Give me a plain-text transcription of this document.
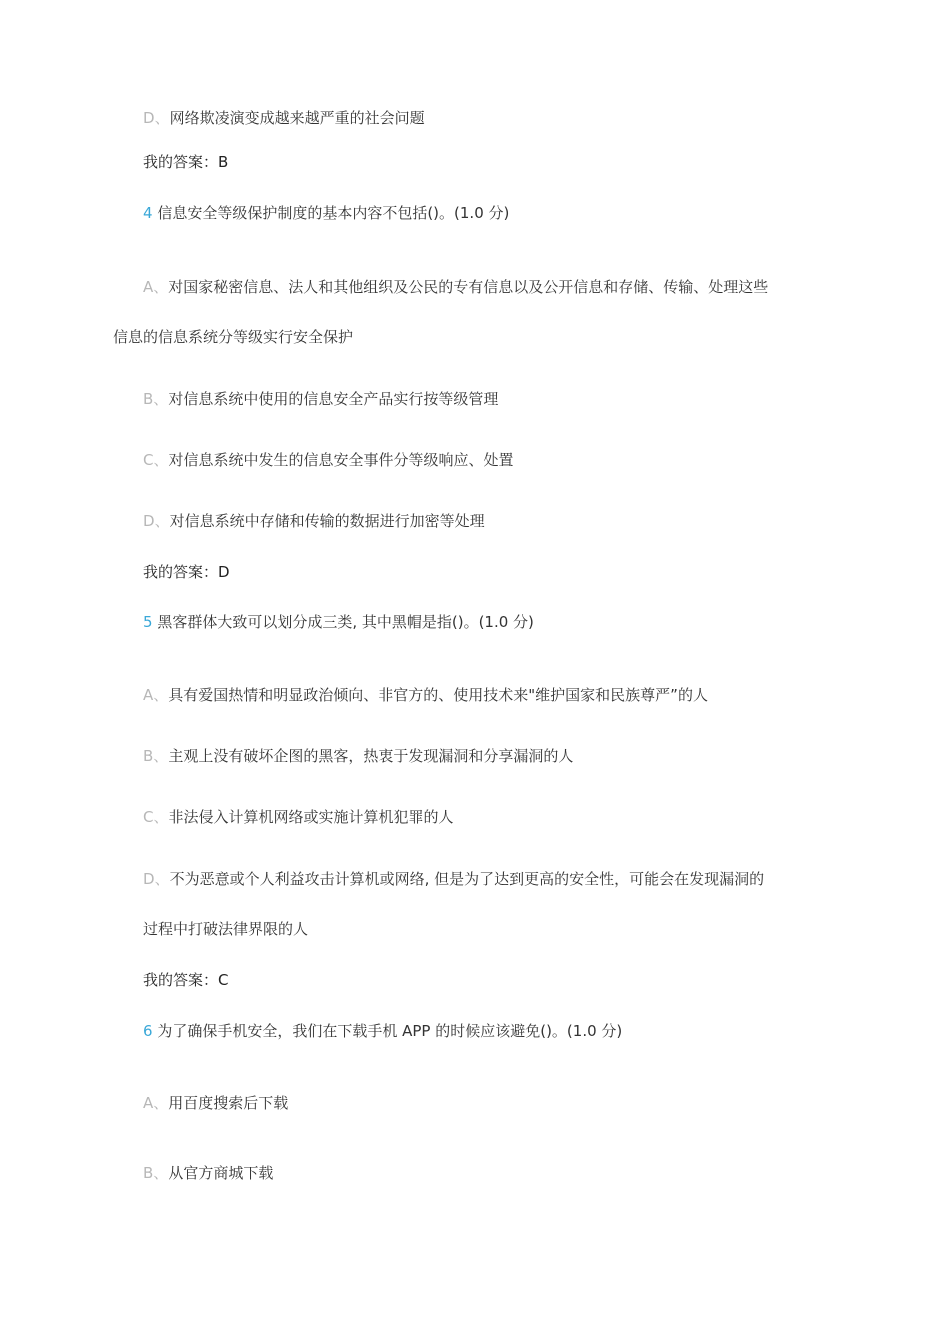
D、网络欺凌演变成越来越严重的社会问题
我的答案：B
4 信息安全等级保护制度的基本内容不包括()。(1.0 分)
A、对国家秘密信息、法人和其他组织及公民的专有信息以及公开信息和存储、传输、处理这些
信息的信息系统分等级实行安全保护
B、对信息系统中使用的信息安全产品实行按等级管理
C、对信息系统中发生的信息安全事件分等级响应、处置
D、对信息系统中存储和传输的数据进行加密等处理
我的答案：D
5 黑客群体大致可以划分成三类, 其中黑帽是指()。(1.0 分)
A、具有爱国热情和明显政治倾向、非官方的、使用技术来"维护国家和民族尊严”的人
B、主观上没有破坏企图的黑客，热衷于发现漏洞和分享漏洞的人
C、非法侵入计算机网络或实施计算机犯罪的人
D、不为恶意或个人利益攻击计算机或网络, 但是为了达到更高的安全性，可能会在发现漏洞的
过程中打破法律界限的人
我的答案：C
6 为了确保手机安全，我们在下载手机 APP 的时候应该避免()。(1.0 分)
A、用百度搜索后下载
B、从官方商城下载
